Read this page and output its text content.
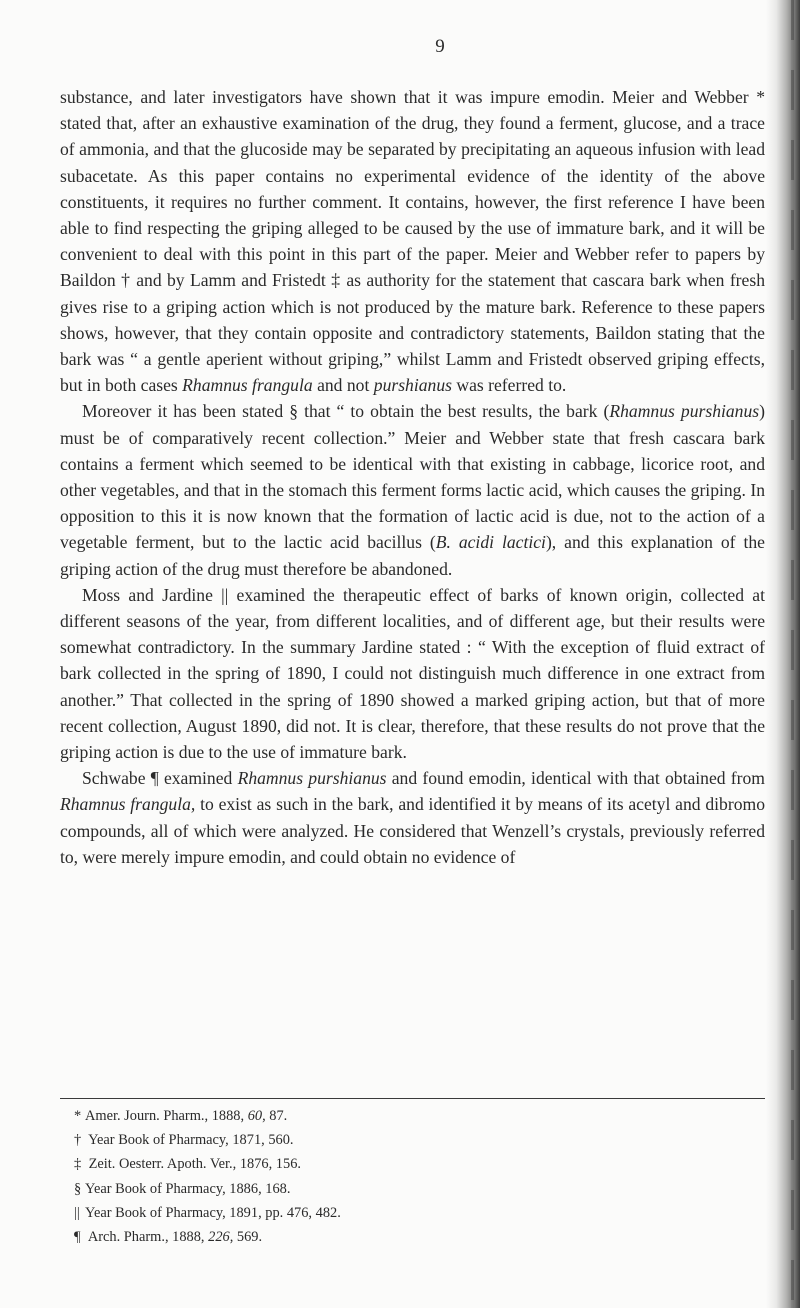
9

substance, and later investigators have shown that it was impure emodin. Meier and Webber * stated that, after an exhaustive examination of the drug, they found a ferment, glucose, and a trace of ammonia, and that the glucoside may be separated by precipitating an aqueous infusion with lead subacetate. As this paper contains no experimental evidence of the identity of the above constituents, it requires no further comment. It contains, however, the first reference I have been able to find respecting the griping alleged to be caused by the use of immature bark, and it will be convenient to deal with this point in this part of the paper. Meier and Webber refer to papers by Baildon † and by Lamm and Fristedt ‡ as authority for the statement that cascara bark when fresh gives rise to a griping action which is not produced by the mature bark. Reference to these papers shows, however, that they contain opposite and contradictory statements, Baildon stating that the bark was “ a gentle aperient without griping,” whilst Lamm and Fristedt observed griping effects, but in both cases Rhamnus frangula and not purshianus was referred to.

Moreover it has been stated § that “ to obtain the best results, the bark (Rhamnus purshianus) must be of comparatively recent collection.” Meier and Webber state that fresh cascara bark contains a ferment which seemed to be identical with that existing in cabbage, licorice root, and other vegetables, and that in the stomach this ferment forms lactic acid, which causes the griping. In opposition to this it is now known that the formation of lactic acid is due, not to the action of a vegetable ferment, but to the lactic acid bacillus (B. acidi lactici), and this explanation of the griping action of the drug must therefore be abandoned.

Moss and Jardine || examined the therapeutic effect of barks of known origin, collected at different seasons of the year, from different localities, and of different age, but their results were somewhat contradictory. In the summary Jardine stated : “ With the exception of fluid extract of bark collected in the spring of 1890, I could not distinguish much difference in one extract from another.” That collected in the spring of 1890 showed a marked griping action, but that of more recent collection, August 1890, did not. It is clear, therefore, that these results do not prove that the griping action is due to the use of immature bark.

Schwabe ¶ examined Rhamnus purshianus and found emodin, identical with that obtained from Rhamnus frangula, to exist as such in the bark, and identified it by means of its acetyl and dibromo compounds, all of which were analyzed. He considered that Wenzell’s crystals, previously referred to, were merely impure emodin, and could obtain no evidence of

* Amer. Journ. Pharm., 1888, 60, 87.
† Year Book of Pharmacy, 1871, 560.
‡ Zeit. Oesterr. Apoth. Ver., 1876, 156.
§ Year Book of Pharmacy, 1886, 168.
|| Year Book of Pharmacy, 1891, pp. 476, 482.
¶ Arch. Pharm., 1888, 226, 569.
